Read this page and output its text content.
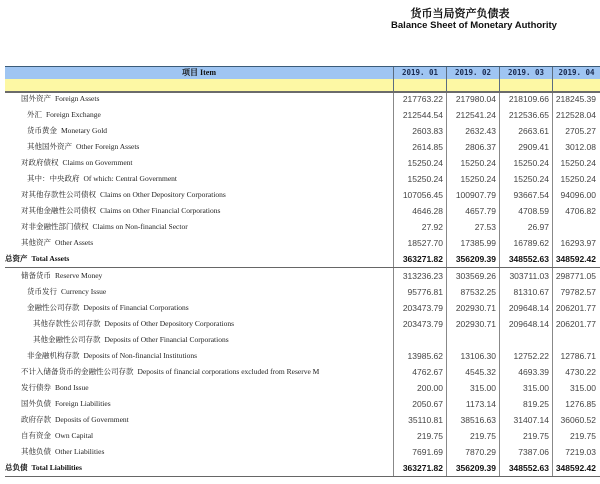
货币当局资产负债表
Balance Sheet of Monetary Authority
项目 Item	2019. 01	2019. 02	2019. 03	2019. 04
国外资产 Foreign Assets	217763.22	217980.04	218109.66 218245.39
外汇 Foreign Exchange	212544.54	212541.24	212536.65 212528.04
货币黄金 Monetary Gold	2603.83	2632.43	2663.61	2705.27
其他国外资产 Other Foreign Assets	2614.85	2806.37	2909.41	3012.08
对政府债权 Claims on Government	15250.24	15250.24	15250.24	15250.24
其中：中央政府 Of which: Central Government	15250.24	15250.24	15250.24	15250.24
对其他存款性公司债权 Claims on Other Depository Corporations	107056.45	100907.79	93667.54	94096.00
对其他金融性公司债权 Claims on Other Financial Corporations	4646.28	4657.79	4708.59	4706.82
对非金融性部门债权 Claims on Non-financial Sector	27.92	27.53	26.97
其他资产 Other Assets	18527.70	17385.99	16789.62	16293.97
总资产 Total Assets	363271.82	356209.39	348552.63 348592.42
储备货币 Reserve Money	313236.23	303569.26	303711.03 298771.05
货币发行 Currency Issue	95776.81	87532.25	81310.67	79782.57
金融性公司存款 Deposits of Financial Corporations	203473.79	202930.71	209648.14 206201.77
其他存款性公司存款 Deposits of Other Depository Corporations	203473.79	202930.71	209648.14 206201.77
其他金融性公司存款 Deposits of Other Financial Corporations
非金融机构存款 Deposits of Non-financial Institutions	13985.62	13106.30	12752.22	12786.71
不计入储备货币的金融性公司存款 Deposits of financial corporations excluded from Reserve M	4762.67	4545.32	4693.39	4730.22
发行债券 Bond Issue	200.00	315.00	315.00	315.00
国外负债 Foreign Liabilities	2050.67	1173.14	819.25	1276.85
政府存款 Deposits of Government	35110.81	38516.63	31407.14	36060.52
自有资金 Own Capital	219.75	219.75	219.75	219.75
其他负债 Other Liabilities	7691.69	7870.29	7387.06	7219.03
总负债 Total Liabilities	363271.82	356209.39	348552.63 348592.42
